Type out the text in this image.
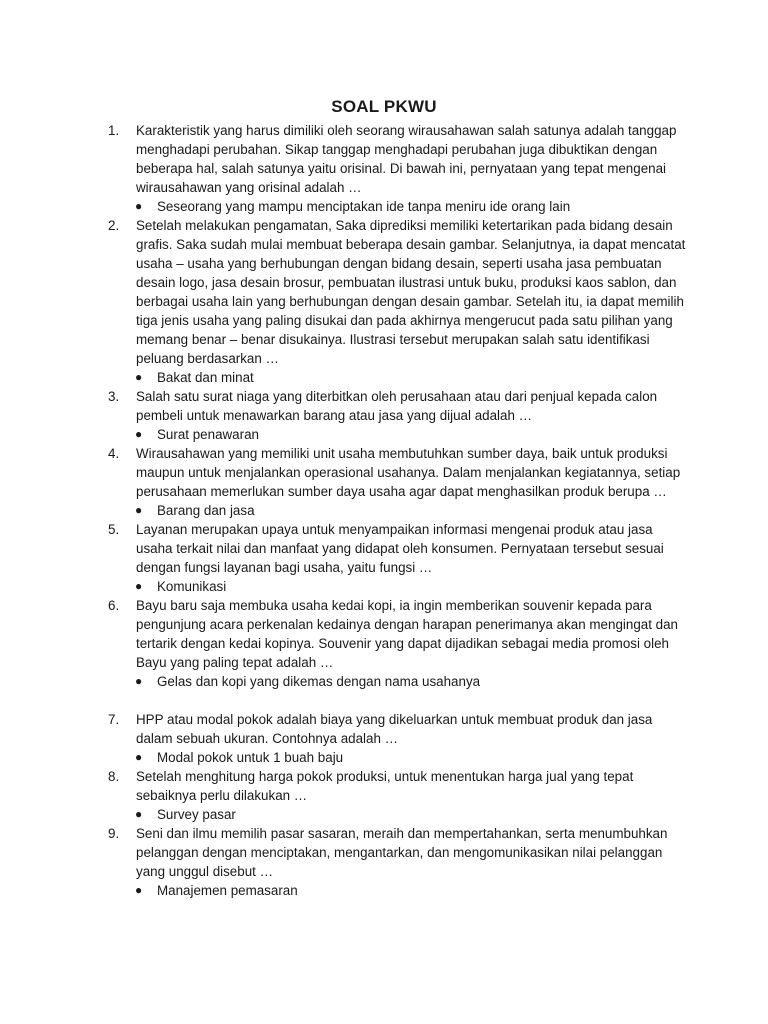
SOAL PKWU
1.	Karakteristik yang harus dimiliki oleh seorang wirausahawan salah satunya adalah tanggap menghadapi perubahan. Sikap tanggap menghadapi perubahan juga dibuktikan dengan beberapa hal, salah satunya yaitu orisinal. Di bawah ini, pernyataan yang tepat mengenai wirausahawan yang orisinal adalah …
●	Seseorang yang mampu menciptakan ide tanpa meniru ide orang lain
2.	Setelah melakukan pengamatan, Saka diprediksi memiliki ketertarikan pada bidang desain grafis. Saka sudah mulai membuat beberapa desain gambar. Selanjutnya, ia dapat mencatat usaha – usaha yang berhubungan dengan bidang desain, seperti usaha jasa pembuatan desain logo, jasa desain brosur, pembuatan ilustrasi untuk buku, produksi kaos sablon, dan berbagai usaha lain yang berhubungan dengan desain gambar. Setelah itu, ia dapat memilih tiga jenis usaha yang paling disukai dan pada akhirnya mengerucut pada satu pilihan yang memang benar – benar disukainya. Ilustrasi tersebut merupakan salah satu identifikasi peluang berdasarkan …
●	Bakat dan minat
3.	Salah satu surat niaga yang diterbitkan oleh perusahaan atau dari penjual kepada calon pembeli untuk menawarkan barang atau jasa yang dijual adalah …
●	Surat penawaran
4.	Wirausahawan yang memiliki unit usaha membutuhkan sumber daya, baik untuk produksi maupun untuk menjalankan operasional usahanya. Dalam menjalankan kegiatannya, setiap perusahaan memerlukan sumber daya usaha agar dapat menghasilkan produk berupa …
●	Barang dan jasa
5.	Layanan merupakan upaya untuk menyampaikan informasi mengenai produk atau jasa usaha terkait nilai dan manfaat yang didapat oleh konsumen. Pernyataan tersebut sesuai dengan fungsi layanan bagi usaha, yaitu fungsi …
●	Komunikasi
6.	Bayu baru saja membuka usaha kedai kopi, ia ingin memberikan souvenir kepada para pengunjung acara perkenalan kedainya dengan harapan penerimanya akan mengingat dan tertarik dengan kedai kopinya. Souvenir yang dapat dijadikan sebagai media promosi oleh Bayu yang paling tepat adalah …
●	Gelas dan kopi yang dikemas dengan nama usahanya
7.	HPP atau modal pokok adalah biaya yang dikeluarkan untuk membuat produk dan jasa dalam sebuah ukuran. Contohnya adalah …
●	Modal pokok untuk 1 buah baju
8.	Setelah menghitung harga pokok produksi, untuk menentukan harga jual yang tepat sebaiknya perlu dilakukan …
●	Survey pasar
9.	Seni dan ilmu memilih pasar sasaran, meraih dan mempertahankan, serta menumbuhkan pelanggan dengan menciptakan, mengantarkan, dan mengomunikasikan nilai pelanggan yang unggul disebut …
●	Manajemen pemasaran
